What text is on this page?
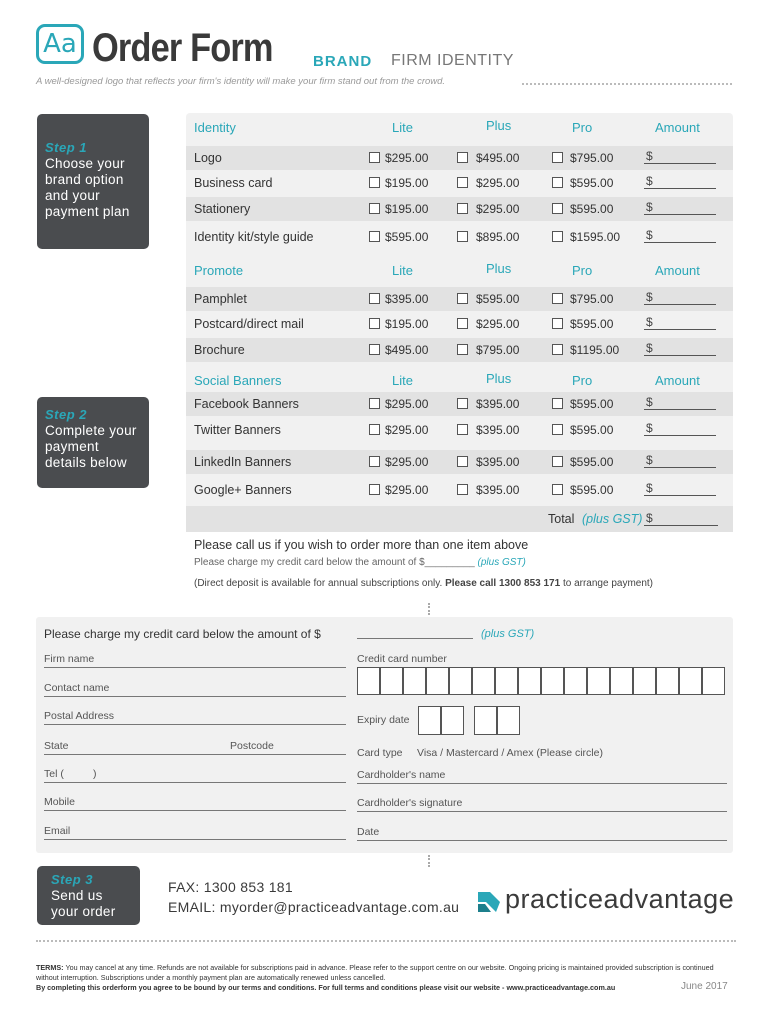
Aa Order Form	BRAND FIRM IDENTITY
A well-designed logo that reflects your firm's identity will make your firm stand out from the crowd.
Step 1
Choose your brand option and your payment plan
Step 2
Complete your payment details below
Step 3
Send us your order
Identity	Lite	Plus	Pro	Amount
Logo	$295.00	$495.00	$795.00	$
Business card	$195.00	$295.00	$595.00	$
Stationery	$195.00	$295.00	$595.00	$
Identity kit/style guide	$595.00	$895.00	$1595.00 $
Promote	Lite	Plus	Pro	Amount
Pamphlet	$395.00	$595.00	$795.00	$
Postcard/direct mail	$195.00	$295.00	$595.00	$
Brochure	$495.00	$795.00	$1195.00 $
Social Banners	Lite	Plus	Pro	Amount
Facebook Banners	$295.00	$395.00	$595.00	$
Twitter Banners	$295.00	$395.00	$595.00	$
LinkedIn Banners	$295.00	$395.00	$595.00	$
Google+ Banners	$295.00	$395.00	$595.00	$
Total (plus GST) $
Please call us if you wish to order more than one item above
Please charge my credit card below the amount of $_________ (plus GST)
(Direct deposit is available for annual subscriptions only. Please call 1300 853 171 to arrange payment)
Please charge my credit card below the amount of $	(plus GST)
Firm name
Contact name
Postal Address
State	Postcode
Tel (          )
Mobile
Email
Credit card number
Expiry date
Card type Visa / Mastercard / Amex (Please circle)
Cardholder's name
Cardholder's signature
Date
FAX: 1300 853 181
EMAIL: myorder@practiceadvantage.com.au practiceadvantage
TERMS: You may cancel at any time. Refunds are not available for subscriptions paid in advance. Please refer to the support centre on our website. Ongoing pricing is maintained provided subscription is continued without interruption. Subscriptions under a monthly payment plan are automatically renewed unless cancelled.
By completing this orderform you agree to be bound by our terms and conditions. For full terms and conditions please visit our website - www.practiceadvantage.com.au	June 2017
